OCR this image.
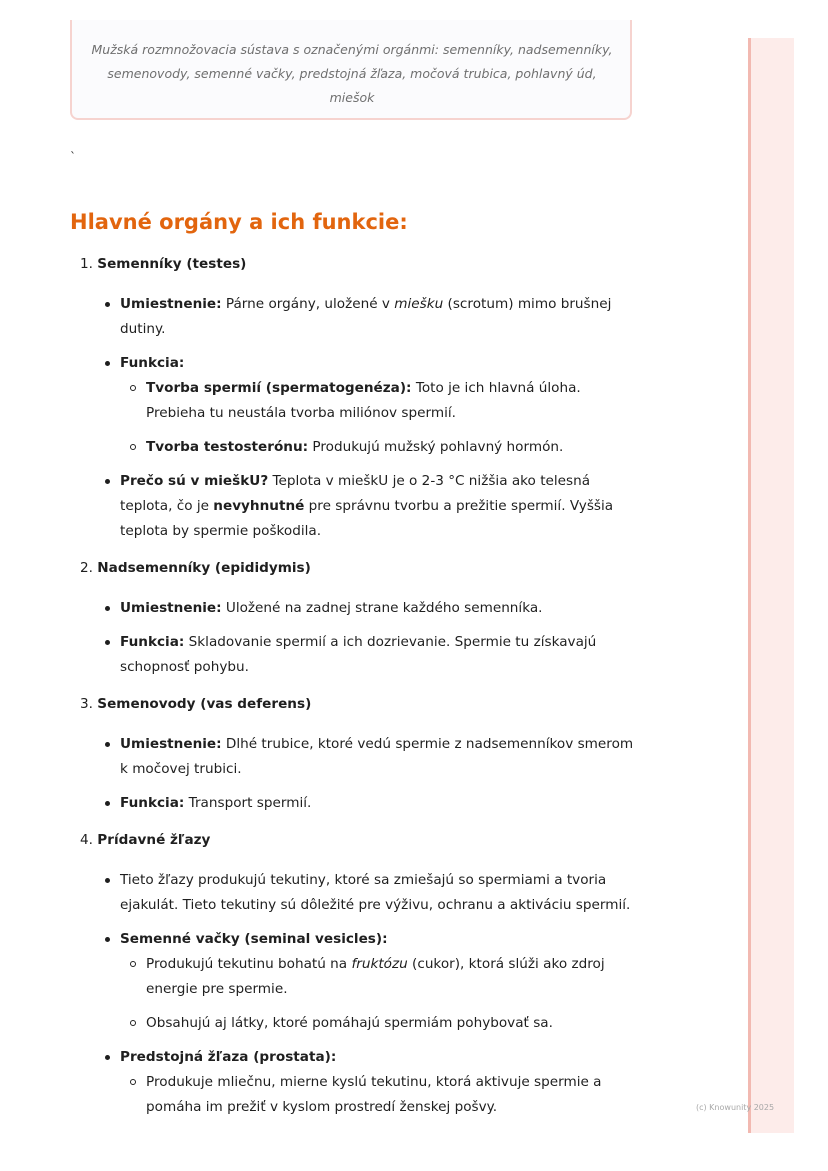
Mužská rozmnožovacia sústava s označenými orgánmi: semenníky, nadsemenníky,
semenovody, semenné vačky, predstojná žľaza, močová trubica, pohlavný úd, miešok
`
Hlavné orgány a ich funkcie:
1. Semenníky (testes)
Umiestnenie: Párne orgány, uložené v miešku (scrotum) mimo brušnej dutiny.
Funkcia:
Tvorba spermií (spermatogenéza): Toto je ich hlavná úloha. Prebieha tu neustála tvorba miliónov spermií.
Tvorba testosterónu: Produkujú mužský pohlavný hormón.
Prečo sú v mieškU? Teplota v mieškU je o 2-3 °C nižšia ako telesná teplota, čo je nevyhnutné pre správnu tvorbu a prežitie spermií. Vyššia teplota by spermie poškodila.
2. Nadsemenníky (epididymis)
Umiestnenie: Uložené na zadnej strane každého semenníka.
Funkcia: Skladovanie spermií a ich dozrievanie. Spermie tu získavajú schopnosť pohybu.
3. Semenovody (vas deferens)
Umiestnenie: Dlhé trubice, ktoré vedú spermie z nadsemenníkov smerom k močovej trubici.
Funkcia: Transport spermií.
4. Prídavné žľazy
Tieto žľazy produkujú tekutiny, ktoré sa zmiešajú so spermiami a tvoria ejakulát. Tieto tekutiny sú dôležité pre výživu, ochranu a aktiváciu spermií.
Semenné vačky (seminal vesicles):
Produkujú tekutinu bohatú na fruktózu (cukor), ktorá slúži ako zdroj energie pre spermie.
Obsahujú aj látky, ktoré pomáhajú spermiám pohybovať sa.
Predstojná žľaza (prostata):
Produkuje mliečnu, mierne kyslú tekutinu, ktorá aktivuje spermie a pomáha im prežiť v kyslom prostredí ženskej pošvy.	(c) Knowunity 2025
